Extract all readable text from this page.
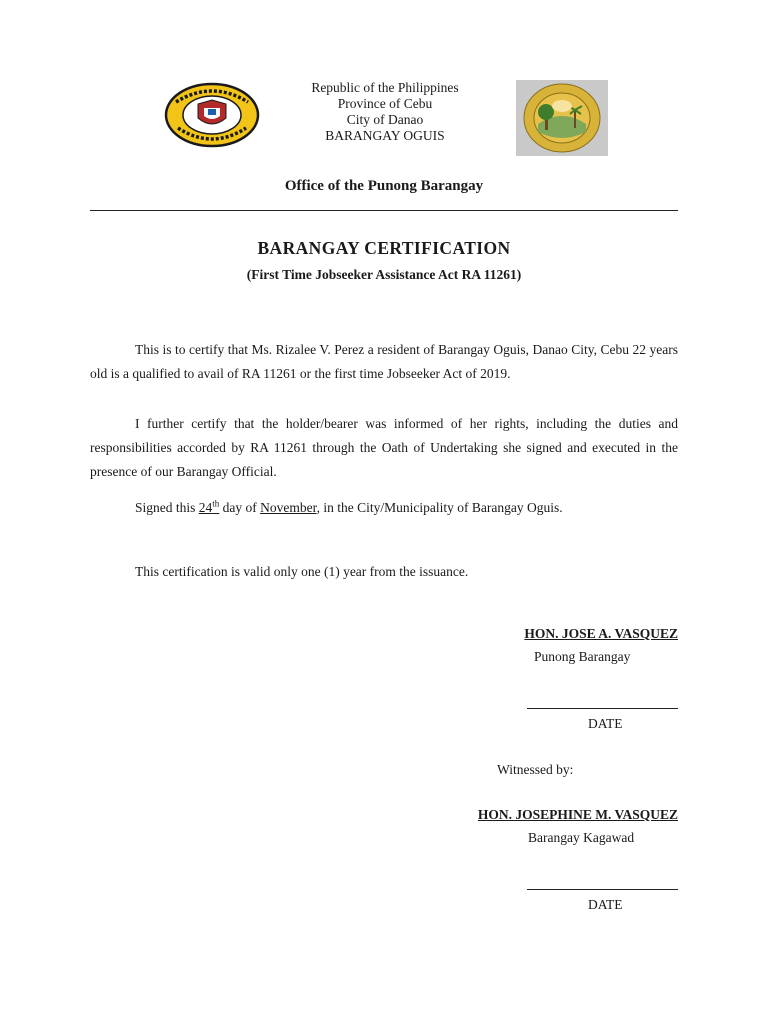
Republic of the Philippines
Province of Cebu
City of Danao
BARANGAY OGUIS
Office of the Punong Barangay
BARANGAY CERTIFICATION
(First Time Jobseeker Assistance Act RA 11261)
This is to certify that Ms. Rizalee V. Perez a resident of Barangay Oguis, Danao City, Cebu 22 years old is a qualified to avail of RA 11261 or the first time Jobseeker Act of 2019.
I further certify that the holder/bearer was informed of her rights, including the duties and responsibilities accorded by RA 11261 through the Oath of Undertaking she signed and executed in the presence of our Barangay Official.
Signed this 24th day of November, in the City/Municipality of Barangay Oguis.
This certification is valid only one (1) year from the issuance.
HON. JOSE A. VASQUEZ
Punong Barangay
DATE
Witnessed by:
HON. JOSEPHINE M. VASQUEZ
Barangay Kagawad
DATE
